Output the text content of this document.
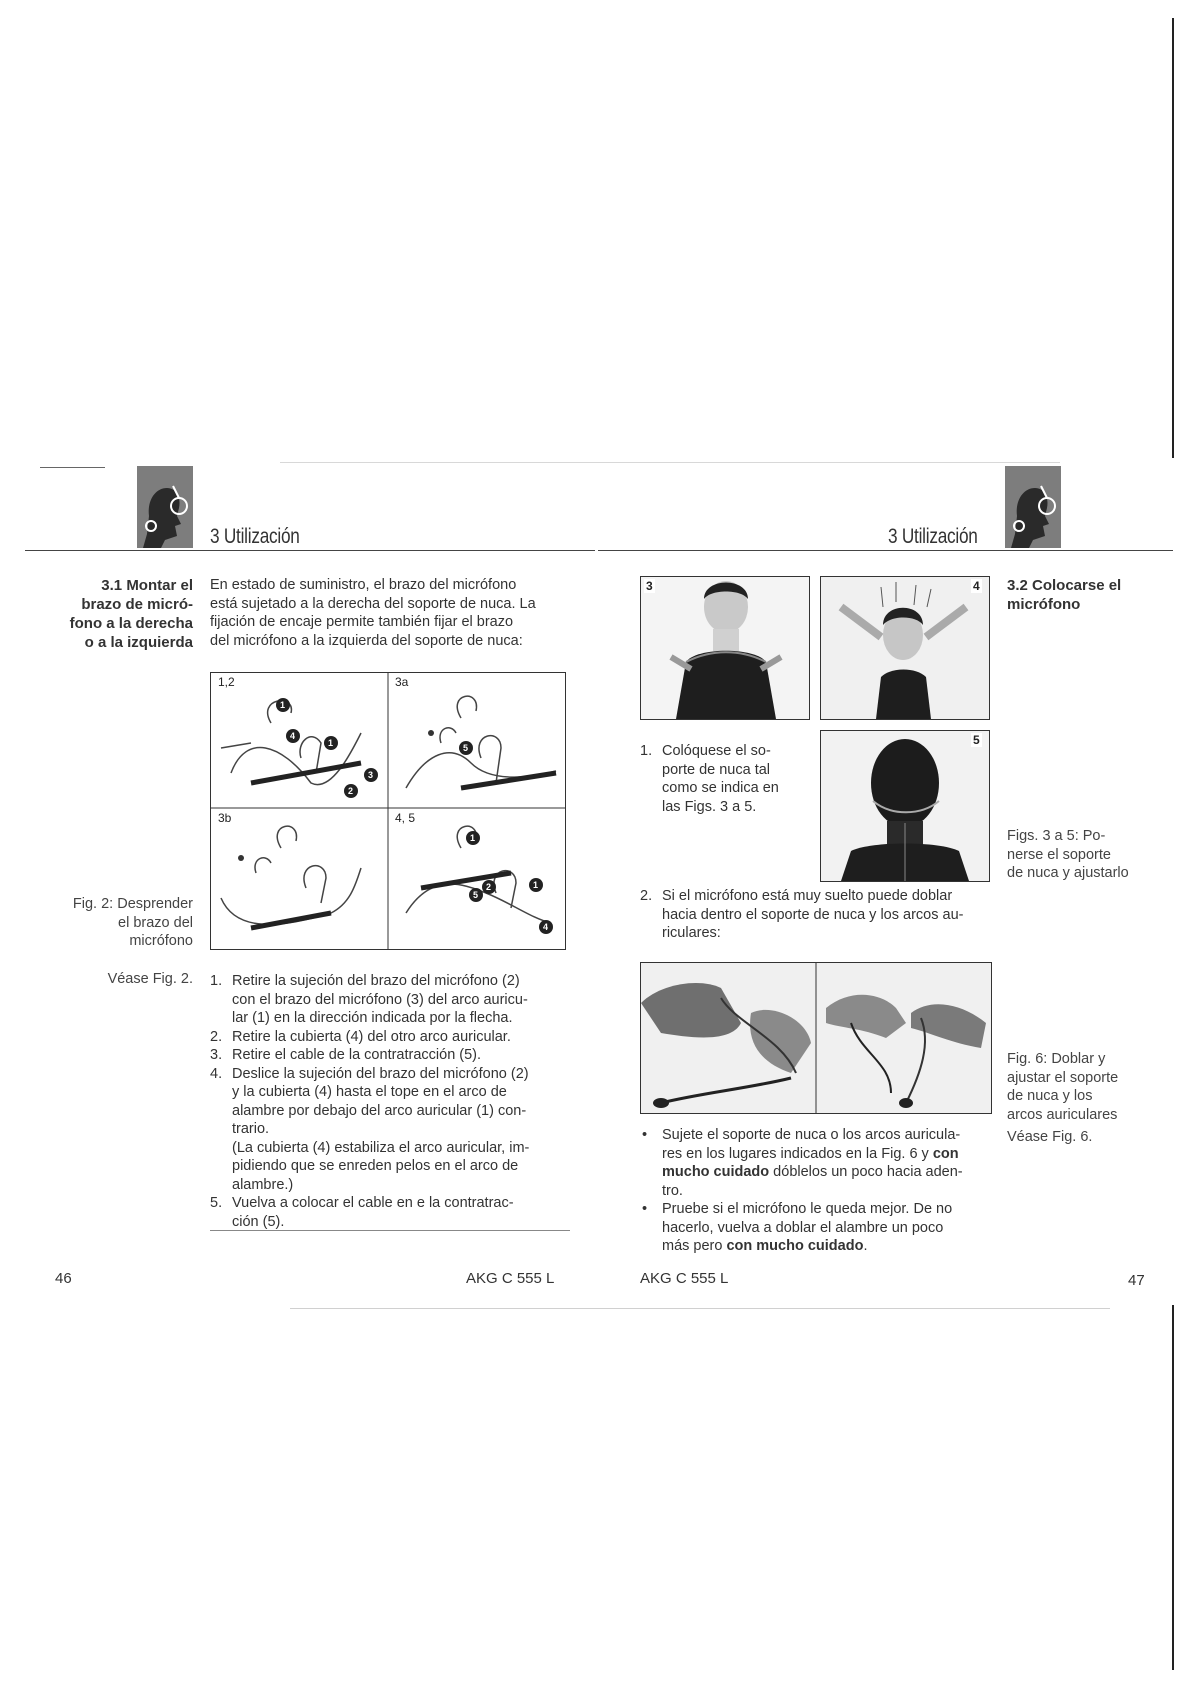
3 Utilización	3 Utilización
3.1 Montar el
brazo de micró-
fono a la derecha
o a la izquierda
En estado de suministro, el brazo del micrófono
está sujetado a la derecha del soporte de nuca. La
fijación de encaje permite también fijar el brazo
del micrófono a la izquierda del soporte de nuca:
1
4
1
3
2
5
1
5
2	1
4
1,2	3a
3b	4, 5
Fig. 2: Desprender
el brazo del
micrófono
Véase Fig. 2. 1. Retire la sujeción del brazo del micrófono (2)
con el brazo del micrófono (3) del arco auricu-
lar (1) en la dirección indicada por la flecha.
2. Retire la cubierta (4) del otro arco auricular.
3. Retire el cable de la contratracción (5).
4. Deslice la sujeción del brazo del micrófono (2)
y la cubierta (4) hasta el tope en el arco de
alambre por debajo del arco auricular (1) con-
trario.
(La cubierta (4) estabiliza el arco auricular, im-
pidiendo que se enreden pelos en el arco de
alambre.)
5. Vuelva a colocar el cable en e la contratrac-
ción (5).
46	AKG C 555 L
3.2 Colocarse el
micrófono
3	4
5
1. Colóquese el so-
porte de nuca tal
como se indica en
las Figs. 3 a 5.
Figs. 3 a 5: Po-
nerse el soporte
de nuca y ajustarlo
2. Si el micrófono está muy suelto puede doblar
hacia dentro el soporte de nuca y los arcos au-
riculares:
Fig. 6: Doblar y
ajustar el soporte
de nuca y los
arcos auriculares
Véase Fig. 6.
• Sujete el soporte de nuca o los arcos auricula-
res en los lugares indicados en la Fig. 6 y con
mucho cuidado dóblelos un poco hacia aden-
tro.
• Pruebe si el micrófono le queda mejor. De no
hacerlo, vuelva a doblar el alambre un poco
más pero con mucho cuidado.
AKG C 555 L	47
